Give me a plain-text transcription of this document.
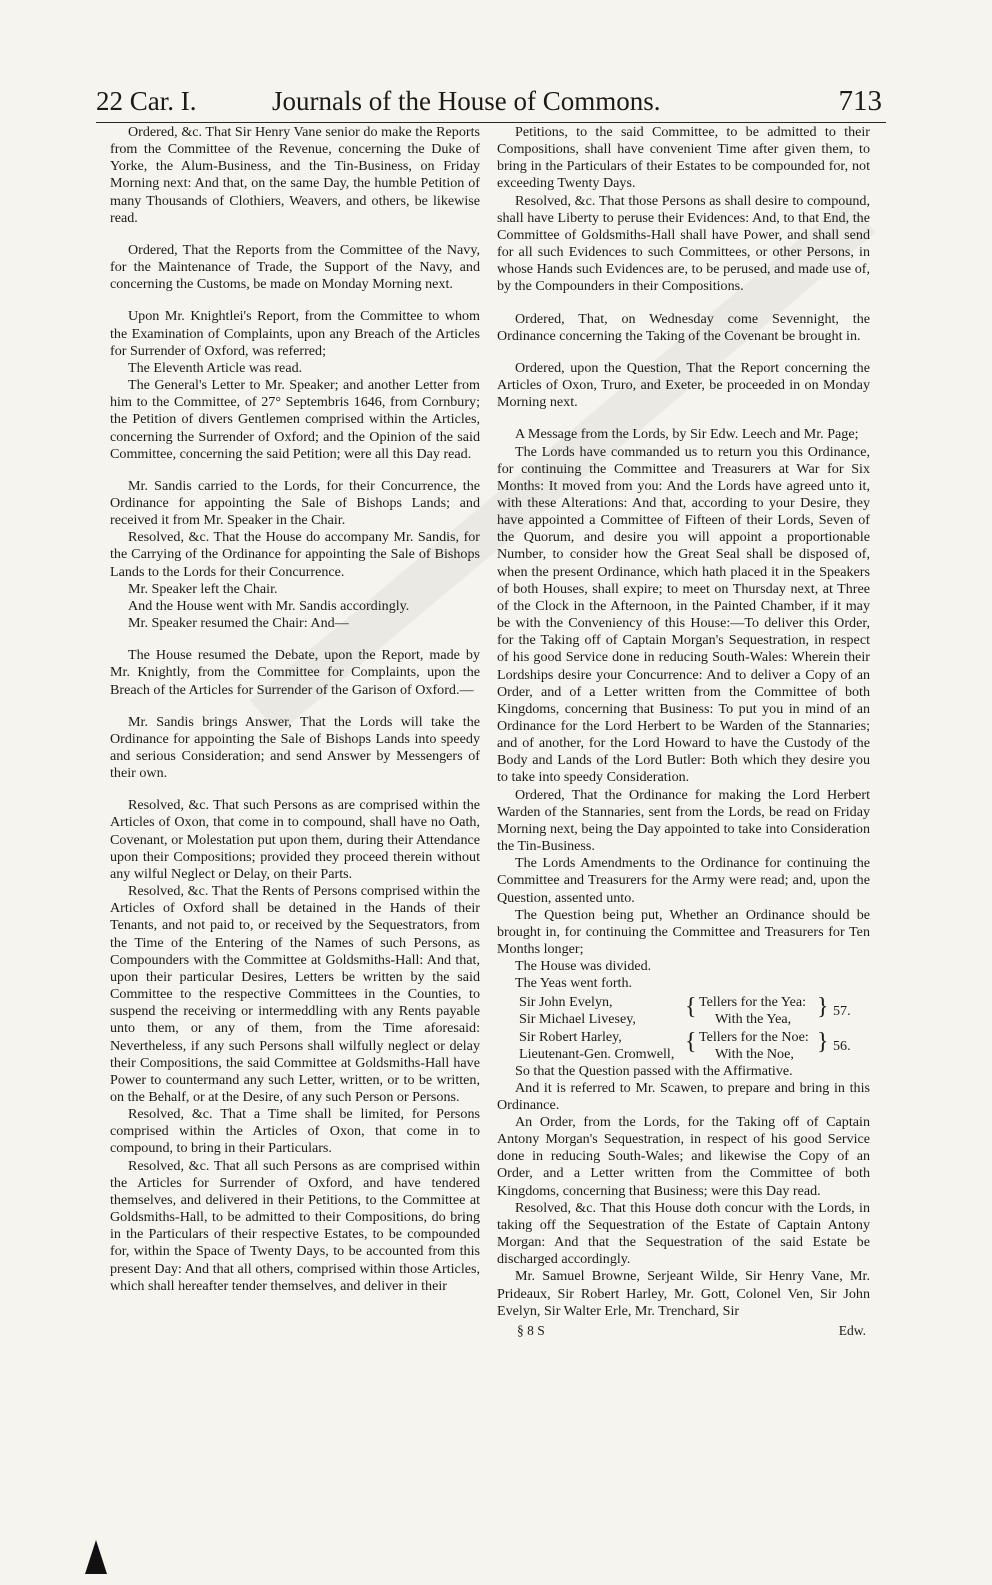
22 Car. I.	Journals of the House of Commons.	713

Ordered, &c. That Sir Henry Vane senior do make the Reports from the Committee of the Revenue, concerning the Duke of Yorke, the Alum-Business, and the Tin-Business, on Friday Morning next: And that, on the same Day, the humble Petition of many Thousands of Clothiers, Weavers, and others, be likewise read.

Ordered, That the Reports from the Committee of the Navy, for the Maintenance of Trade, the Support of the Navy, and concerning the Customs, be made on Monday Morning next.

Upon Mr. Knightlei's Report, from the Committee to whom the Examination of Complaints, upon any Breach of the Articles for Surrender of Oxford, was referred;

The Eleventh Article was read.

The General's Letter to Mr. Speaker; and another Letter from him to the Committee, of 27° Septembris 1646, from Cornbury; the Petition of divers Gentlemen comprised within the Articles, concerning the Surrender of Oxford; and the Opinion of the said Committee, concerning the said Petition; were all this Day read.

Mr. Sandis carried to the Lords, for their Concurrence, the Ordinance for appointing the Sale of Bishops Lands; and received it from Mr. Speaker in the Chair.

Resolved, &c. That the House do accompany Mr. Sandis, for the Carrying of the Ordinance for appointing the Sale of Bishops Lands to the Lords for their Concurrence.

Mr. Speaker left the Chair.

And the House went with Mr. Sandis accordingly.

Mr. Speaker resumed the Chair: And—

The House resumed the Debate, upon the Report, made by Mr. Knightly, from the Committee for Complaints, upon the Breach of the Articles for Surrender of the Garison of Oxford.—

Mr. Sandis brings Answer, That the Lords will take the Ordinance for appointing the Sale of Bishops Lands into speedy and serious Consideration; and send Answer by Messengers of their own.

Resolved, &c. That such Persons as are comprised within the Articles of Oxon, that come in to compound, shall have no Oath, Covenant, or Molestation put upon them, during their Attendance upon their Compositions; provided they proceed therein without any wilful Neglect or Delay, on their Parts.

Resolved, &c. That the Rents of Persons comprised within the Articles of Oxford shall be detained in the Hands of their Tenants, and not paid to, or received by the Sequestrators, from the Time of the Entering of the Names of such Persons, as Compounders with the Committee at Goldsmiths-Hall: And that, upon their particular Desires, Letters be written by the said Committee to the respective Committees in the Counties, to suspend the receiving or intermeddling with any Rents payable unto them, or any of them, from the Time aforesaid: Nevertheless, if any such Persons shall wilfully neglect or delay their Compositions, the said Committee at Goldsmiths-Hall have Power to countermand any such Letter, written, or to be written, on the Behalf, or at the Desire, of any such Person or Persons.

Resolved, &c. That a Time shall be limited, for Persons comprised within the Articles of Oxon, that come in to compound, to bring in their Particulars.

Resolved, &c. That all such Persons as are comprised within the Articles for Surrender of Oxford, and have tendered themselves, and delivered in their Petitions, to the Committee at Goldsmiths-Hall, to be admitted to their Compositions, do bring in the Particulars of their respective Estates, to be compounded for, within the Space of Twenty Days, to be accounted from this present Day: And that all others, comprised within those Articles, which shall hereafter tender themselves, and deliver in their

Petitions, to the said Committee, to be admitted to their Compositions, shall have convenient Time after given them, to bring in the Particulars of their Estates to be compounded for, not exceeding Twenty Days.

Resolved, &c. That those Persons as shall desire to compound, shall have Liberty to peruse their Evidences: And, to that End, the Committee of Goldsmiths-Hall shall have Power, and shall send for all such Evidences to such Committees, or other Persons, in whose Hands such Evidences are, to be perused, and made use of, by the Compounders in their Compositions.

Ordered, That, on Wednesday come Sevennight, the Ordinance concerning the Taking of the Covenant be brought in.

Ordered, upon the Question, That the Report concerning the Articles of Oxon, Truro, and Exeter, be proceeded in on Monday Morning next.

A Message from the Lords, by Sir Edw. Leech and Mr. Page;

The Lords have commanded us to return you this Ordinance, for continuing the Committee and Treasurers at War for Six Months: It moved from you: And the Lords have agreed unto it, with these Alterations: And that, according to your Desire, they have appointed a Committee of Fifteen of their Lords, Seven of the Quorum, and desire you will appoint a proportionable Number, to consider how the Great Seal shall be disposed of, when the present Ordinance, which hath placed it in the Speakers of both Houses, shall expire; to meet on Thursday next, at Three of the Clock in the Afternoon, in the Painted Chamber, if it may be with the Conveniency of this House:—To deliver this Order, for the Taking off of Captain Morgan's Sequestration, in respect of his good Service done in reducing South-Wales: Wherein their Lordships desire your Concurrence: And to deliver a Copy of an Order, and of a Letter written from the Committee of both Kingdoms, concerning that Business: To put you in mind of an Ordinance for the Lord Herbert to be Warden of the Stannaries; and of another, for the Lord Howard to have the Custody of the Body and Lands of the Lord Butler: Both which they desire you to take into speedy Consideration.

Ordered, That the Ordinance for making the Lord Herbert Warden of the Stannaries, sent from the Lords, be read on Friday Morning next, being the Day appointed to take into Consideration the Tin-Business.

The Lords Amendments to the Ordinance for continuing the Committee and Treasurers for the Army were read; and, upon the Question, assented unto.

The Question being put, Whether an Ordinance should be brought in, for continuing the Committee and Treasurers for Ten Months longer;

The House was divided.

The Yeas went forth.

Sir John Evelyn,
Sir Michael Livesey, { Tellers for the Yea:
With the Yea, } 57.
Sir Robert Harley,
Lieutenant-Gen. Cromwell, { Tellers for the Noe:
With the Noe, } 56.

So that the Question passed with the Affirmative.

And it is referred to Mr. Scawen, to prepare and bring in this Ordinance.

An Order, from the Lords, for the Taking off of Captain Antony Morgan's Sequestration, in respect of his good Service done in reducing South-Wales; and likewise the Copy of an Order, and a Letter written from the Committee of both Kingdoms, concerning that Business; were this Day read.

Resolved, &c. That this House doth concur with the Lords, in taking off the Sequestration of the Estate of Captain Antony Morgan: And that the Sequestration of the said Estate be discharged accordingly.

Mr. Samuel Browne, Serjeant Wilde, Sir Henry Vane, Mr. Prideaux, Sir Robert Harley, Mr. Gott, Colonel Ven, Sir John Evelyn, Sir Walter Erle, Mr. Trenchard, Sir

§ 8 S	Edw.
